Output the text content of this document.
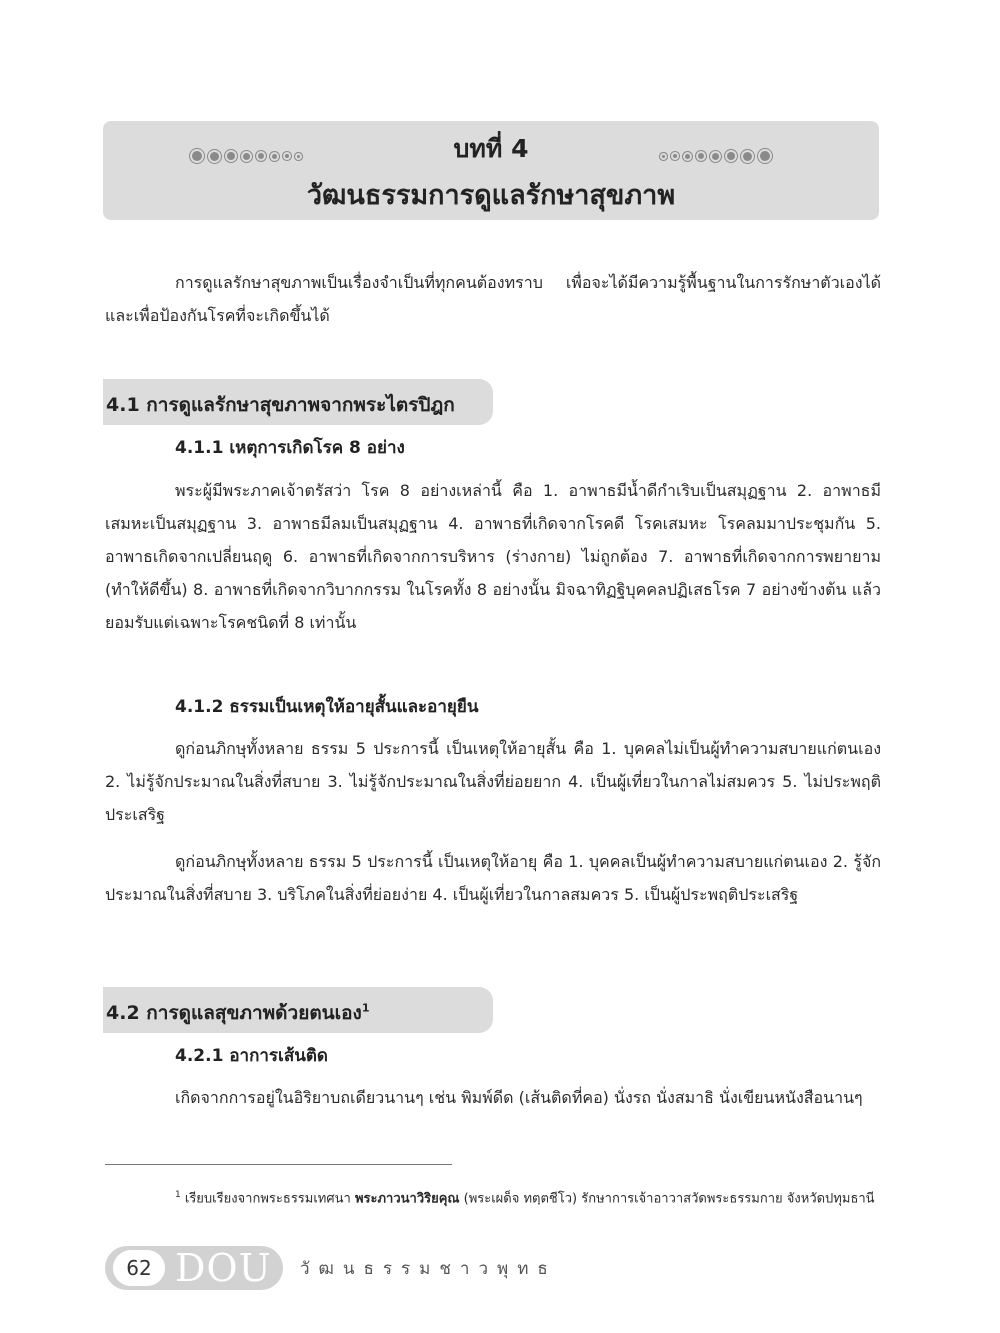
บทที่ 4
วัฒนธรรมการดูแลรักษาสุขภาพ

การดูแลรักษาสุขภาพเป็นเรื่องจำเป็นที่ทุกคนต้องทราบ เพื่อจะได้มีความรู้พื้นฐานในการรักษาตัวเองได้ และเพื่อป้องกันโรคที่จะเกิดขึ้นได้

4.1 การดูแลรักษาสุขภาพจากพระไตรปิฎก
4.1.1 เหตุการเกิดโรค 8 อย่าง

พระผู้มีพระภาคเจ้าตรัสว่า โรค 8 อย่างเหล่านี้ คือ 1. อาพาธมีน้ำดีกำเริบเป็นสมุฏฐาน 2. อาพาธมีเสมหะเป็นสมุฏฐาน 3. อาพาธมีลมเป็นสมุฏฐาน 4. อาพาธที่เกิดจากโรคดี โรคเสมหะ โรคลมมาประชุมกัน 5. อาพาธเกิดจากเปลี่ยนฤดู 6. อาพาธที่เกิดจากการบริหาร (ร่างกาย) ไม่ถูกต้อง 7. อาพาธที่เกิดจากการพยายาม (ทำให้ดีขึ้น) 8. อาพาธที่เกิดจากวิบากกรรม ในโรคทั้ง 8 อย่างนั้น มิจฉาทิฏฐิบุคคลปฏิเสธโรค 7 อย่างข้างต้น แล้วยอมรับแต่เฉพาะโรคชนิดที่ 8 เท่านั้น

4.1.2 ธรรมเป็นเหตุให้อายุสั้นและอายุยืน

ดูก่อนภิกษุทั้งหลาย ธรรม 5 ประการนี้ เป็นเหตุให้อายุสั้น คือ 1. บุคคลไม่เป็นผู้ทำความสบายแก่ตนเอง 2. ไม่รู้จักประมาณในสิ่งที่สบาย 3. ไม่รู้จักประมาณในสิ่งที่ย่อยยาก 4. เป็นผู้เที่ยวในกาลไม่สมควร 5. ไม่ประพฤติประเสริฐ

ดูก่อนภิกษุทั้งหลาย ธรรม 5 ประการนี้ เป็นเหตุให้อายุ คือ 1. บุคคลเป็นผู้ทำความสบายแก่ตนเอง 2. รู้จักประมาณในสิ่งที่สบาย 3. บริโภคในสิ่งที่ย่อยง่าย 4. เป็นผู้เที่ยวในกาลสมควร 5. เป็นผู้ประพฤติประเสริฐ

4.2 การดูแลสุขภาพด้วยตนเอง$^1$
4.2.1 อาการเส้นติด

เกิดจากการอยู่ในอิริยาบถเดียวนานๆ เช่น พิมพ์ดีด (เส้นติดที่คอ) นั่งรถ นั่งสมาธิ นั่งเขียนหนังสือนานๆ

$^1$ เรียบเรียงจากพระธรรมเทศนา พระภาวนาวิริยคุณ (พระเผด็จ ทตฺตชีโว) รักษาการเจ้าอาวาสวัดพระธรรมกาย จังหวัดปทุมธานี

62 DOU วัฒนธรรมชาวพุทธ
